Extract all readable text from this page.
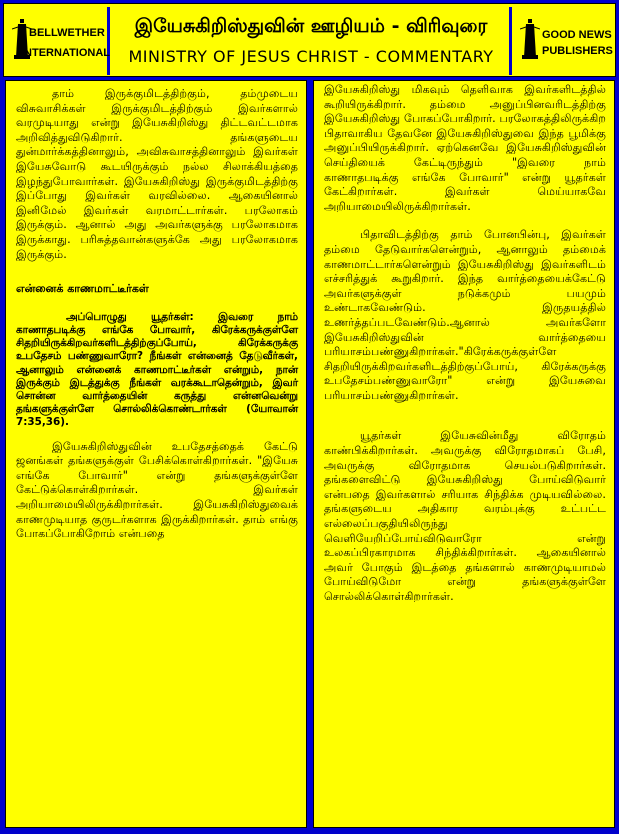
BELLWETHER
INTERNATIONAL
இயேசுகிறிஸ்துவின் ஊழியம் - விரிவுரை
MINISTRY OF JESUS CHRIST - COMMENTARY
GOOD NEWS
PUBLISHERS

தாம் இருக்குமிடத்திற்கும், தம்முடைய விசுவாசிக்கள் இருக்குமிடத்திற்கும் இவர்களால் வரமுடியாது என்று இயேசுகிறிஸ்து திட்டவட்டமாக அறிவித்துவிடுகிறார். தங்களுடைய துன்மார்க்கத்தினாலும், அவிசுவாசத்தினாலும் இவர்கள் இயேசுவோடு கூடயிருக்கும் நல்ல சிலாக்கியத்தை இழந்துபோவார்கள். இயேசுகிறிஸ்து இருக்குமிடத்திற்கு இப்போது இவர்கள் வரவில்லை. ஆகையினால் இனிமேல் இவர்கள் வரமாட்டார்கள். பரலோகம் இருக்கும். ஆனால் அது அவர்களுக்கு பரலோகமாக இருக்காது. பரிசுத்தவான்களுக்கே அது பரலோகமாக இருக்கும்.

என்னைக் காணமாட்டீர்கள்

அப்பொழுது யூதர்கள்: இவரை நாம் காணாதபடிக்கு எங்கே போவார், கிரேக்கருக்குள்ளே சிதறியிருக்கிறவர்களிடத்திற்குப்போய், கிரேக்கருக்கு உபதேசம் பண்ணுவாரோ? நீங்கள் என்னைத் தேடுவீர்கள், ஆனாலும் என்னைக் காணமாட்டீர்கள் என்றும், நான் இருக்கும் இடத்துக்கு நீங்கள் வரக்கூடாதென்றும், இவர் சொன்ன வார்த்தையின் கருத்து என்னவென்று தங்களுக்குள்ளே சொல்லிக்கொண்டார்கள் (யோவான் 7:35,36).

இயேசுகிறிஸ்துவின் உபதேசத்தைக் கேட்டு ஜனங்கள் தங்களுக்குள் பேசிக்கொள்கிறார்கள். "இயேசு எங்கே போவார்" என்று தங்களுக்குள்ளே கேட்டுக்கொள்கிறார்கள். இவர்கள் அறியாமையிலிருக்கிறார்கள். இயேசுகிறிஸ்துவைக் காணமுடியாத குருடர்களாக இருக்கிறார்கள். தாம் எங்கு போகப்போகிறோம் என்பதை

இயேசுகிறிஸ்து மிகவும் தெளிவாக இவர்களிடத்தில் கூறியிருக்கிறார். தம்மை அனுப்பினவரிடத்திற்கு இயேசுகிறிஸ்து போகப்போகிறார். பரலோகத்திலிருக்கிற பிதாவாகிய தேவனே இயேசுகிறிஸ்துவை இந்த பூமிக்கு அனுப்பியிருக்கிறார். ஏற்கெனவே இயேசுகிறிஸ்துவின் செய்தியைக் கேட்டிருந்தும் "இவரை நாம் காணாதபடிக்கு எங்கே போவார்" என்று யூதர்கள் கேட்கிறார்கள். இவர்கள் மெய்யாகவே அறியாமையிலிருக்கிறார்கள்.

பிதாவிடத்திற்கு தாம் போனபின்பு, இவர்கள் தம்மை தேடுவார்களென்றும், ஆனாலும் தம்மைக் காணமாட்டார்களென்றும் இயேசுகிறிஸ்து இவர்களிடம் எச்சரித்துக் கூறுகிறார். இந்த வார்த்தையைக்கேட்டு அவர்களுக்குள் நடுக்கமும் பயமும் உண்டாகவேண்டும். இருதயத்தில் உணர்த்தப்படவேண்டும்.ஆனால் அவர்களோ இயேசுகிறிஸ்துவின் வார்த்தையை பரியாசம்பண்ணுகிறார்கள்."கிரேக்கருக்குள்ளே சிதறியிருக்கிறவர்களிடத்திற்குப்போய், கிரேக்கருக்கு உபதேசம்பண்ணுவாரோ" என்று இயேசுவை பரியாசம்பண்ணுகிறார்கள்.

யூதர்கள் இயேசுவின்மீது விரோதம் காண்பிக்கிறார்கள். அவருக்கு விரோதமாகப் பேசி, அவருக்கு விரோதமாக செயல்படுகிறார்கள். தங்களைவிட்டு இயேசுகிறிஸ்து போய்விடுவார் என்பதை இவர்களால் சரியாக சிந்திக்க முடியவில்லை. தங்களுடைய அதிகார வரம்புக்கு உட்பட்ட எல்லைப்பகுதியிலிருந்து வெளியேறிப்போய்விடுவாரோ என்று உலகப்பிரகாரமாக சிந்திக்கிறார்கள். ஆகையினால் அவர் போகும் இடத்தை தங்களால் காணமுடியாமல் போய்விடுமோ என்று தங்களுக்குள்ளே சொல்லிக்கொள்கிறார்கள்.
